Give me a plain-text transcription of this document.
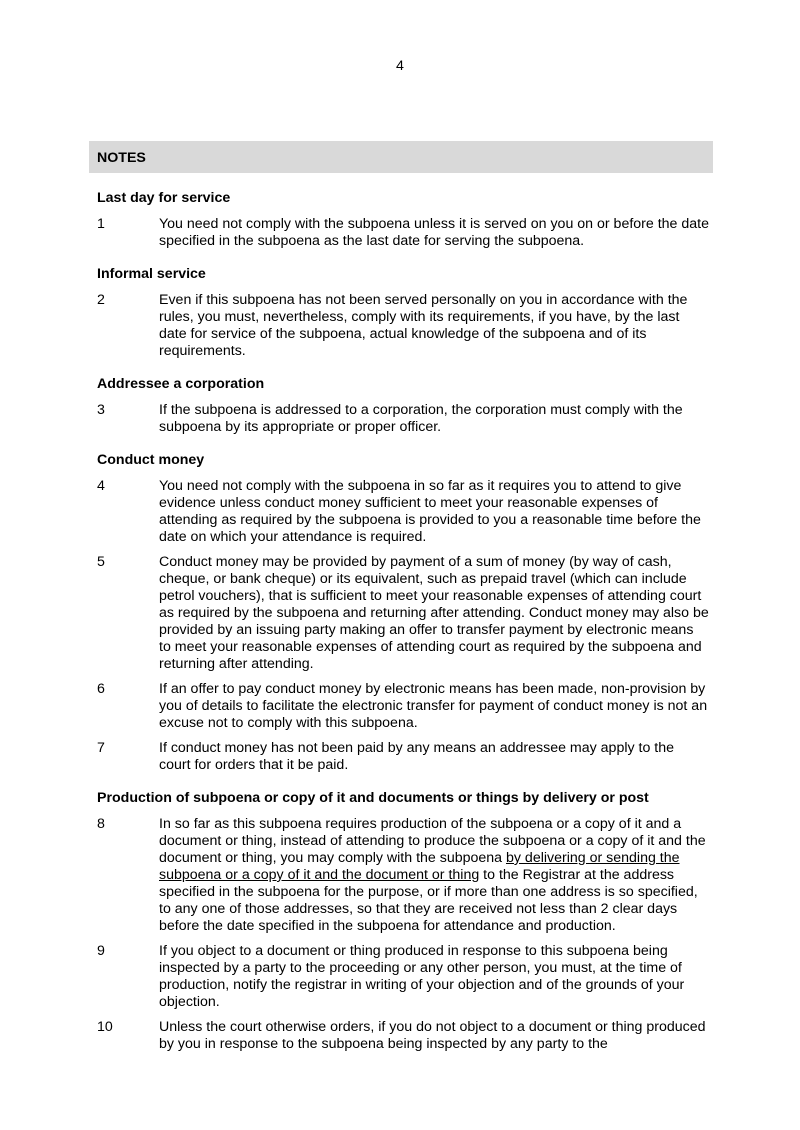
4
NOTES
Last day for service
1	You need not comply with the subpoena unless it is served on you on or before the date specified in the subpoena as the last date for serving the subpoena.
Informal service
2	Even if this subpoena has not been served personally on you in accordance with the rules, you must, nevertheless, comply with its requirements, if you have, by the last date for service of the subpoena, actual knowledge of the subpoena and of its requirements.
Addressee a corporation
3	If the subpoena is addressed to a corporation, the corporation must comply with the subpoena by its appropriate or proper officer.
Conduct money
4	You need not comply with the subpoena in so far as it requires you to attend to give evidence unless conduct money sufficient to meet your reasonable expenses of attending as required by the subpoena is provided to you a reasonable time before the date on which your attendance is required.
5	Conduct money may be provided by payment of a sum of money (by way of cash, cheque, or bank cheque) or its equivalent, such as prepaid travel (which can include petrol vouchers), that is sufficient to meet your reasonable expenses of attending court as required by the subpoena and returning after attending. Conduct money may also be provided by an issuing party making an offer to transfer payment by electronic means to meet your reasonable expenses of attending court as required by the subpoena and returning after attending.
6	If an offer to pay conduct money by electronic means has been made, non-provision by you of details to facilitate the electronic transfer for payment of conduct money is not an excuse not to comply with this subpoena.
7	If conduct money has not been paid by any means an addressee may apply to the court for orders that it be paid.
Production of subpoena or copy of it and documents or things by delivery or post
8	In so far as this subpoena requires production of the subpoena or a copy of it and a document or thing, instead of attending to produce the subpoena or a copy of it and the document or thing, you may comply with the subpoena by delivering or sending the subpoena or a copy of it and the document or thing to the Registrar at the address specified in the subpoena for the purpose, or if more than one address is so specified, to any one of those addresses, so that they are received not less than 2 clear days before the date specified in the subpoena for attendance and production.
9	If you object to a document or thing produced in response to this subpoena being inspected by a party to the proceeding or any other person, you must, at the time of production, notify the registrar in writing of your objection and of the grounds of your objection.
10	Unless the court otherwise orders, if you do not object to a document or thing produced by you in response to the subpoena being inspected by any party to the
